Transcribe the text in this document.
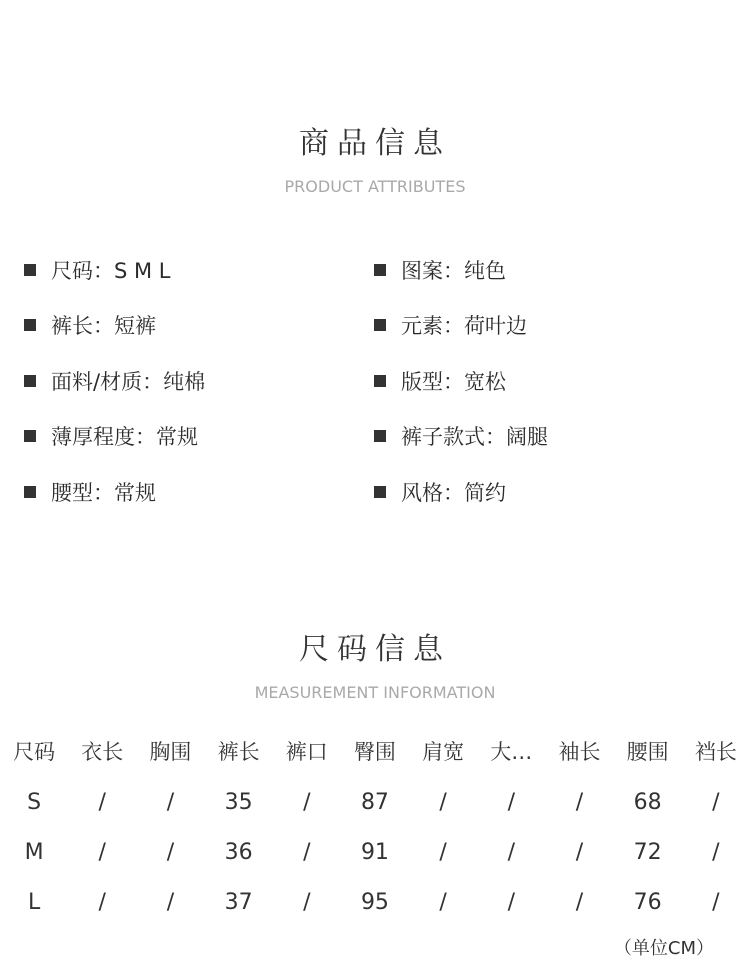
商品信息
PRODUCT ATTRIBUTES
尺码：S M L	图案：纯色
裤长：短裤	元素：荷叶边
面料/材质：纯棉	版型：宽松
薄厚程度：常规	裤子款式：阔腿
腰型：常规	风格：简约
尺码信息
MEASUREMENT INFORMATION
尺码	衣长	胸围	裤长	裤口	臀围	肩宽	大…	袖长	腰围	裆长
S	/	/	35	/	87	/	/	/	68	/
M	/	/	36	/	91	/	/	/	72	/
L	/	/	37	/	95	/	/	/	76	/
（单位CM）
